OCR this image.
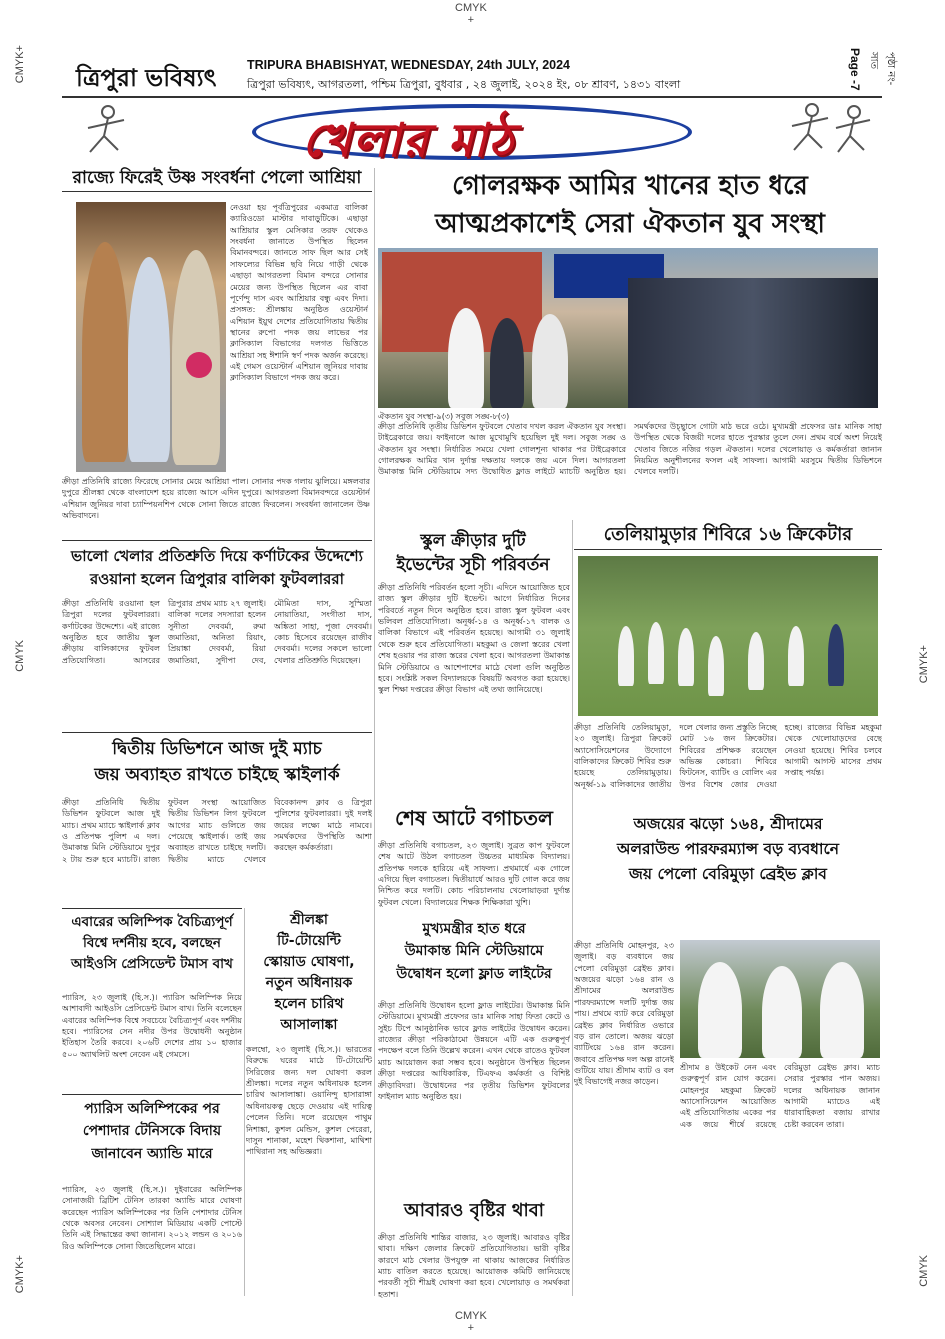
CMYK
+
CMYK
+
CMYK+
CMYK
CMYK+
CMYK+
CMYK
ত্রিপুরা ভবিষ্যৎ TRIPURA BHABISHYAT, WEDNESDAY, 24th JULY, 2024
ত্রিপুরা ভবিষ্যৎ, আগরতলা, পশ্চিম ত্রিপুরা, বুধবার , ২৪ জুলাই, ২০২৪ ইং, ০৮ শ্রাবণ, ১৪৩১ বাংলা	Page -7	পৃষ্ঠা নং- সাত
খেলার মাঠ
রাজ্যে ফিরেই উষ্ণ সংবর্ধনা পেলো আশ্রিয়া
নেওয়া হয় পূর্বত্রিপুরের একমাত্র বালিকা ক্যারিওডো মাস্টার দাবাড়ুটিকে। এছাড়া আশ্রিয়ার স্কুল মেসিকার তরফ থেকেও সংবর্ধনা জানাতে উপস্থিত ছিলেন বিমানবন্দরে। জানতে সাফ ছিল আর সেই সাফল্যের বিভিন্ন ছবি নিয়ে গাড়ী থেকে এছাড়া আগরতলা বিমান বন্দরে সোনার মেয়ের জন্য উপস্থিত ছিলেন এর বাবা পূর্ণেন্দু দাস এবং আশ্রিয়ার বন্ধু এবং দিদা। প্রসঙ্গত: শ্রীলঙ্কায় অনুষ্ঠিত ওয়েস্টার্ন এশিয়ান ইয়ুথ দেশের প্রতিযোগিতায় দ্বিতীয় স্থানের রুপো পদক জয় লাভের পর ক্লাসিক্যাল বিভাগের দলগত ভিত্তিতে আশ্রিয়া সহ ঈশানি স্বর্ণ পদক অর্জন করেছে। এই গেমস ওয়েস্টার্ন এশিয়ান জুনিয়র দাবায় ক্লাসিক্যাল বিভাগে পদক জয় করে।
ক্রীড়া প্রতিনিধি রাজ্যে ফিরেছে সোনার মেয়ে আশ্রিয়া পাল। সোনার পদক গলায় ঝুলিয়ে। মঙ্গলবার দুপুরে শ্রীলঙ্কা থেকে বাংলাদেশ হয়ে রাজ্যে আসে এদিন দুপুরে। আগরতলা বিমানবন্দরে ওয়েস্টার্ন এশিয়ান জুনিয়র দাবা চ্যাম্পিয়নশিপ থেকে সোনা জিতে রাজ্যে ফিরলেন। সংবর্ধনা জানালেন উষ্ণ অভিবাদনে।
গোলরক্ষক আমির খানের হাত ধরে
আত্মপ্রকাশেই সেরা ঐকতান যুব সংস্থা
ঐকতান যুব সংস্থা-৯(৩) সবুজ সঙ্ঘ-৮(৩)
ক্রীড়া প্রতিনিধি তৃতীয় ডিভিশন ফুটবলে খেতাব দখল করল ঐকতান যুব সংস্থা। টাইব্রেকারে জয়। ফাইনালে আজ মুখোমুখি হয়েছিল দুই দল। সবুজ সঙ্ঘ ও ঐকতান যুব সংস্থা। নির্ধারিত সময়ে খেলা গোলশূন্য থাকার পর টাইব্রেকারে গোলরক্ষক আমির খান দুর্দান্ত দক্ষতায় দলকে জয় এনে দিল। আগরতলা উমাকান্ত মিনি স্টেডিয়ামে সদ্য উদ্বোধিত ফ্লাড লাইটে ম্যাচটি অনুষ্ঠিত হয়। সমর্থকদের উচ্ছ্বাসে গোটা মাঠ ভরে ওঠে। মুখ্যমন্ত্রী প্রফেসর ডাঃ মানিক সাহা উপস্থিত থেকে বিজয়ী দলের হাতে পুরস্কার তুলে দেন। প্রথম বর্ষে অংশ নিয়েই খেতাব জিতে নজির গড়ল ঐকতান। দলের খেলোয়াড় ও কর্মকর্তারা জানান নিয়মিত অনুশীলনের ফসল এই সাফল্য। আগামী মরসুমে দ্বিতীয় ডিভিশনে খেলবে দলটি।
ভালো খেলার প্রতিশ্রুতি দিয়ে কর্ণাটকের উদ্দেশ্যে
রওয়ানা হলেন ত্রিপুরার বালিকা ফুটবলাররা
ক্রীড়া প্রতিনিধি রওয়ানা হল ত্রিপুরা দলের ফুটবলাররা। কর্ণাটকের উদ্দেশ্যে। এই রাজ্যে অনুষ্ঠিত হবে জাতীয় স্কুল ক্রীড়ায় বালিকাদের ফুটবল প্রতিযোগিতা। আসরের ত্রিপুরার প্রথম ম্যাচ ২৭ জুলাই। বালিকা দলের সদস্যারা হলেন সুনীতা দেববর্মা, রুমা জমাতিয়া, অনিতা রিয়াং, প্রিয়াঙ্কা দেববর্মা, রিয়া জমাতিয়া, সুদীপা দেব, মৌমিতা দাস, সুস্মিতা নোয়াতিয়া, সংগীতা দাস, অঙ্কিতা সাহা, পূজা দেববর্মা। কোচ হিসেবে রয়েছেন রাজীব দেববর্মা। দলের সকলে ভালো খেলার প্রতিশ্রুতি দিয়েছেন।
স্কুল ক্রীড়ার দুটি
ইভেন্টের সূচী পরিবর্তন
ক্রীড়া প্রতিনিধি পরিবর্তন হলো সূচী। এদিনে আয়োজিত হবে রাজ্য স্কুল ক্রীড়ার দুটি ইভেন্ট। আগে নির্ধারিত দিনের পরিবর্তে নতুন দিনে অনুষ্ঠিত হবে। রাজ্য স্কুল ফুটবল এবং ভলিবল প্রতিযোগিতা। অনূর্ধ্ব-১৪ ও অনূর্ধ্ব-১৭ বালক ও বালিকা বিভাগে এই পরিবর্তন হয়েছে। আগামী ৩১ জুলাই থেকে শুরু হবে প্রতিযোগিতা। মহকুমা ও জেলা স্তরের খেলা শেষ হওয়ার পর রাজ্য স্তরের খেলা হবে। আগরতলা উমাকান্ত মিনি স্টেডিয়ামে ও আশেপাশের মাঠে খেলা গুলি অনুষ্ঠিত হবে। সংশ্লিষ্ট সকল বিদ্যালয়কে বিষয়টি অবগত করা হয়েছে। স্কুল শিক্ষা দপ্তরের ক্রীড়া বিভাগ এই তথ্য জানিয়েছে।
তেলিয়ামুড়ার শিবিরে ১৬ ক্রিকেটার
ক্রীড়া প্রতিনিধি তেলিয়ামুড়া, ২৩ জুলাই। ত্রিপুরা ক্রিকেট অ্যাসোসিয়েশনের উদ্যোগে বালিকাদের ক্রিকেট শিবির শুরু হয়েছে তেলিয়ামুড়ায়। অনূর্ধ্ব-১৯ বালিকাদের জাতীয় দলে খেলার জন্য প্রস্তুতি নিচ্ছে মোট ১৬ জন ক্রিকেটার। শিবিরের প্রশিক্ষক রয়েছেন অভিজ্ঞ কোচরা। শিবিরে ফিটনেস, ব্যাটিং ও বোলিং এর উপর বিশেষ জোর দেওয়া হচ্ছে। রাজ্যের বিভিন্ন মহকুমা থেকে খেলোয়াড়দের বেছে নেওয়া হয়েছে। শিবির চলবে আগামী আগস্ট মাসের প্রথম সপ্তাহ পর্যন্ত।
দ্বিতীয় ডিভিশনে আজ দুই ম্যাচ
জয় অব্যাহত রাখতে চাইছে স্কাইলার্ক
ক্রীড়া প্রতিনিধি দ্বিতীয় ডিভিশন ফুটবলে আজ দুই ম্যাচ। প্রথম ম্যাচে স্কাইলার্ক ক্লাব ও প্রতিপক্ষ পুলিশ এ দল। উমাকান্ত মিনি স্টেডিয়ামে দুপুর ২ টায় শুরু হবে ম্যাচটি। রাজ্য ফুটবল সংস্থা আয়োজিত দ্বিতীয় ডিভিশন লিগ ফুটবলে আগের ম্যাচ গুলিতে জয় পেয়েছে স্কাইলার্ক। তাই জয় অব্যাহত রাখতে চাইছে দলটি। দ্বিতীয় ম্যাচে খেলবে বিবেকানন্দ ক্লাব ও ত্রিপুরা পুলিশের ফুটবলাররা। দুই দলই জয়ের লক্ষ্যে মাঠে নামবে। সমর্থকদের উপস্থিতি আশা করছেন কর্মকর্তারা।
শেষ আটে বগাচতল
ক্রীড়া প্রতিনিধি বগাচতল, ২৩ জুলাই। সুব্রত কাপ ফুটবলে শেষ আটে উঠল বগাচতল উচ্চতর মাধ্যমিক বিদ্যালয়। প্রতিপক্ষ দলকে হারিয়ে এই সাফল্য। প্রথমার্ধে এক গোলে এগিয়ে ছিল বগাচতল। দ্বিতীয়ার্ধে আরও দুটি গোল করে জয় নিশ্চিত করে দলটি। কোচ পরিচালনায় খেলোয়াড়রা দুর্দান্ত ফুটবল খেলে। বিদ্যালয়ের শিক্ষক শিক্ষিকারা খুশি।
অজয়ের ঝড়ো ১৬৪, শ্রীদামের
অলরাউন্ড পারফরম্যান্স বড় ব্যবধানে
জয় পেলো বেরিমুড়া ব্রেইভ ক্লাব
ক্রীড়া প্রতিনিধি মোহনপুর, ২৩ জুলাই। বড় ব্যবধানে জয় পেলো বেরিমুড়া ব্রেইভ ক্লাব। অজয়ের ঝড়ো ১৬৪ রান ও শ্রীদামের অলরাউন্ড পারফরম্যান্সে দলটি দুর্দান্ত জয় পায়। প্রথমে ব্যাট করে বেরিমুড়া ব্রেইভ ক্লাব নির্ধারিত ওভারে বড় রান তোলে। অজয় ঝড়ো ব্যাটিংয়ে ১৬৪ রান করেন। জবাবে প্রতিপক্ষ দল অল্প রানেই গুটিয়ে যায়। শ্রীদাম ব্যাট ও বল দুই বিভাগেই নজর কাড়েন।
শ্রীদাম ৪ উইকেট নেন এবং গুরুত্বপূর্ণ রান যোগ করেন। মোহনপুর মহকুমা ক্রিকেট অ্যাসোসিয়েশন আয়োজিত এই প্রতিযোগিতায় একের পর এক জয়ে শীর্ষে রয়েছে বেরিমুড়া ব্রেইভ ক্লাব। ম্যাচ সেরার পুরস্কার পান অজয়। দলের অধিনায়ক জানান আগামী ম্যাচেও এই ধারাবাহিকতা বজায় রাখার চেষ্টা করবেন তারা।
এবারের অলিম্পিক বৈচিত্র্যপূর্ণ
বিশ্বে দর্শনীয় হবে, বলছেন
আইওসি প্রেসিডেন্ট টমাস বাখ
প্যারিস, ২৩ জুলাই (হি.স.)। প্যারিস অলিম্পিক নিয়ে আশাবাদী আইওসি প্রেসিডেন্ট টমাস বাখ। তিনি বলেছেন এবারের অলিম্পিক বিশ্বে সবচেয়ে বৈচিত্র্যপূর্ণ এবং দর্শনীয় হবে। প্যারিসের সেন নদীর উপর উদ্বোধনী অনুষ্ঠান ইতিহাস তৈরি করবে। ২০৬টি দেশের প্রায় ১০ হাজার ৫০০ অ্যাথলিট অংশ নেবেন এই গেমসে।
প্যারিস অলিম্পিকের পর
পেশাদার টেনিসকে বিদায়
জানাবেন অ্যান্ডি মারে
প্যারিস, ২৩ জুলাই (হি.স.)। দুইবারের অলিম্পিক সোনাজয়ী ব্রিটিশ টেনিস তারকা অ্যান্ডি মারে ঘোষণা করেছেন প্যারিস অলিম্পিকের পর তিনি পেশাদার টেনিস থেকে অবসর নেবেন। সোশ্যাল মিডিয়ায় একটি পোস্টে তিনি এই সিদ্ধান্তের কথা জানান। ২০১২ লন্ডন ও ২০১৬ রিও অলিম্পিকে সোনা জিতেছিলেন মারে।
শ্রীলঙ্কা
টি-টোয়েন্টি
স্কোয়াড ঘোষণা,
নতুন অধিনায়ক
হলেন চারিথ
আসালাঙ্কা
কলম্বো, ২৩ জুলাই (হি.স.)। ভারতের বিরুদ্ধে ঘরের মাঠে টি-টোয়েন্টি সিরিজের জন্য দল ঘোষণা করল শ্রীলঙ্কা। দলের নতুন অধিনায়ক হলেন চারিথ আসালাঙ্কা। ওয়ানিন্দু হাসারাঙ্গা অধিনায়কত্ব ছেড়ে দেওয়ায় এই দায়িত্ব পেলেন তিনি। দলে রয়েছেন পাথুম নিশাঙ্কা, কুশল মেন্ডিস, কুশল পেরেরা, দাসুন শানাকা, মহেশ থিকশানা, মাথিশা পাথিরানা সহ অভিজ্ঞরা।
মুখ্যমন্ত্রীর হাত ধরে
উমাকান্ত মিনি স্টেডিয়ামে
উদ্বোধন হলো ফ্লাড লাইটের
ক্রীড়া প্রতিনিধি উদ্বোধন হলো ফ্লাড লাইটের। উমাকান্ত মিনি স্টেডিয়ামে। মুখ্যমন্ত্রী প্রফেসর ডাঃ মানিক সাহা ফিতা কেটে ও সুইচ টিপে আনুষ্ঠানিক ভাবে ফ্লাড লাইটের উদ্বোধন করেন। রাজ্যের ক্রীড়া পরিকাঠামো উন্নয়নে এটি এক গুরুত্বপূর্ণ পদক্ষেপ বলে তিনি উল্লেখ করেন। এখন থেকে রাতেও ফুটবল ম্যাচ আয়োজন করা সম্ভব হবে। অনুষ্ঠানে উপস্থিত ছিলেন ক্রীড়া দপ্তরের আধিকারিক, টিএফএ কর্মকর্তা ও বিশিষ্ট ক্রীড়াবিদরা। উদ্বোধনের পর তৃতীয় ডিভিশন ফুটবলের ফাইনাল ম্যাচ অনুষ্ঠিত হয়।
আবারও বৃষ্টির থাবা
ক্রীড়া প্রতিনিধি শান্তির বাজার, ২৩ জুলাই। আবারও বৃষ্টির থাবা। দক্ষিণ জেলার ক্রিকেট প্রতিযোগিতায়। ভারী বৃষ্টির কারণে মাঠ খেলার উপযুক্ত না থাকায় আজকের নির্ধারিত ম্যাচ বাতিল করতে হয়েছে। আয়োজক কমিটি জানিয়েছে পরবর্তী সূচী শীঘ্রই ঘোষণা করা হবে। খেলোয়াড় ও সমর্থকরা হতাশ।
